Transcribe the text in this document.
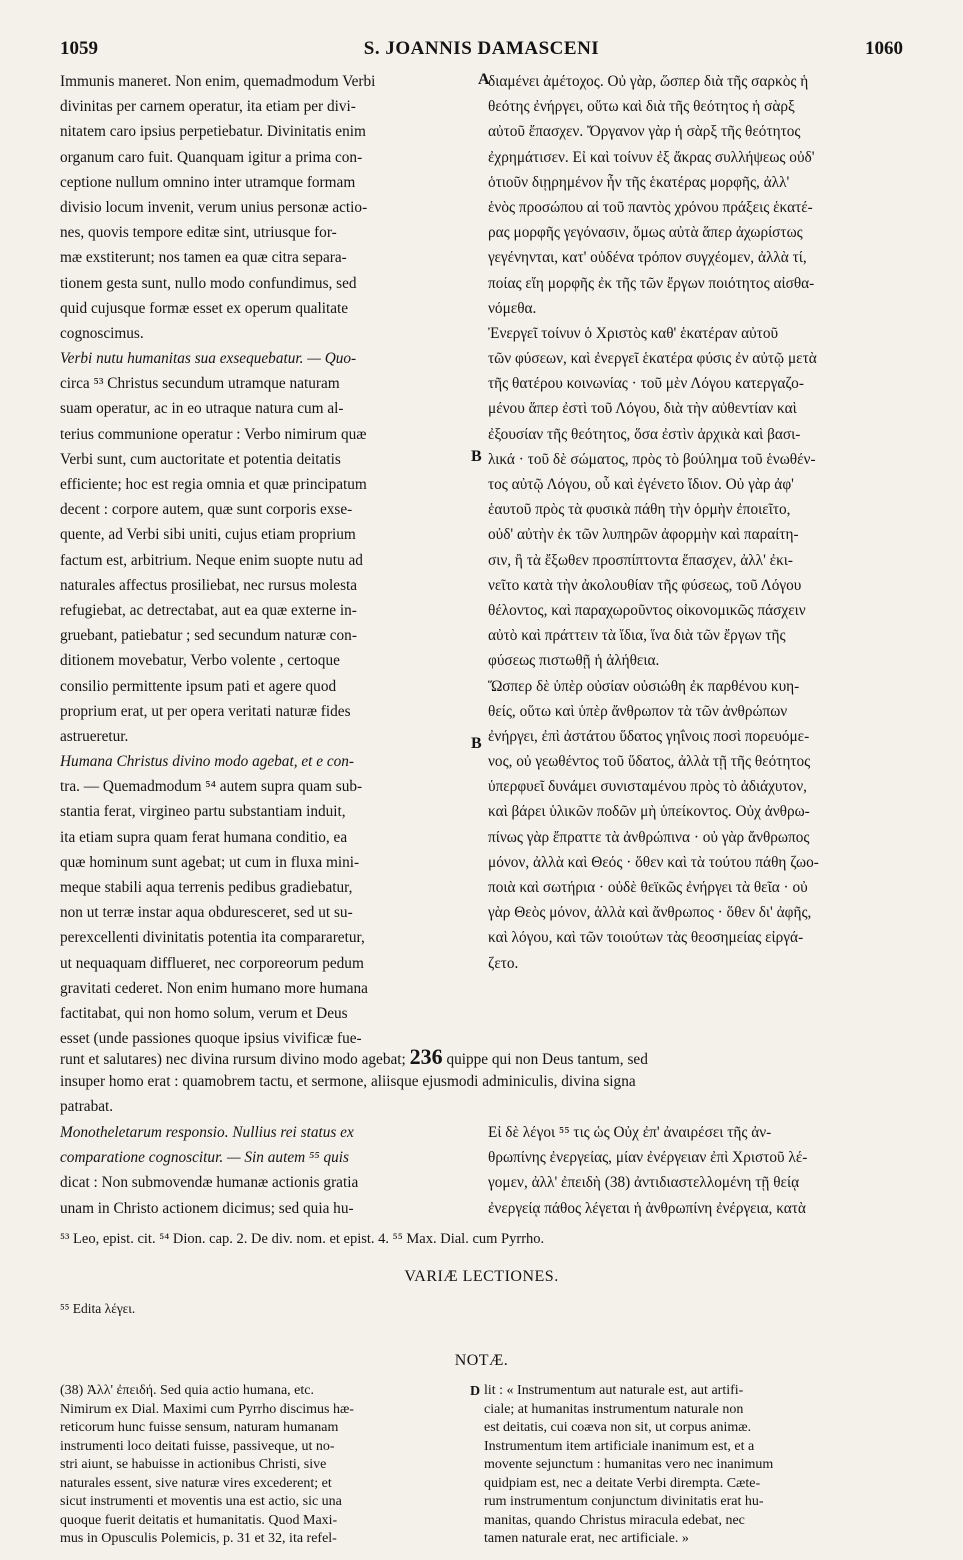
1059	S. JOANNIS DAMASCENI	1060
Immunis maneret. Non enim, quemadmodum Verbi
divinitas per carnem operatur, ita etiam per divi-
nitatem caro ipsius perpetiebatur. Divinitatis enim
organum caro fuit. Quanquam igitur a prima con-
ceptione nullum omnino inter utramque formam
divisio locum invenit, verum unius personæ actio-
nes, quovis tempore editæ sint, utriusque for-
mæ exstiterunt; nos tamen ea quæ citra separa-
tionem gesta sunt, nullo modo confundimus, sed
quid cujusque formæ esset ex operum qualitate
cognoscimus.
Verbi nutu humanitas sua exsequebatur. — Quo-
circa ⁵³ Christus secundum utramque naturam
suam operatur, ac in eo utraque natura cum al-
terius communione operatur : Verbo nimirum quæ
Verbi sunt, cum auctoritate et potentia deitatis
efficiente; hoc est regia omnia et quæ principatum
decent : corpore autem, quæ sunt corporis exse-
quente, ad Verbi sibi uniti, cujus etiam proprium
factum est, arbitrium. Neque enim suopte nutu ad
naturales affectus prosiliebat, nec rursus molesta
refugiebat, ac detrectabat, aut ea quæ externe in-
gruebant, patiebatur ; sed secundum naturæ con-
ditionem movebatur, Verbo volente , certoque
consilio permittente ipsum pati et agere quod
proprium erat, ut per opera veritati naturæ fides
astrueretur.
Humana Christus divino modo agebat, et e con-
tra. — Quemadmodum ⁵⁴ autem supra quam sub-
stantia ferat, virgineo partu substantiam induit,
ita etiam supra quam ferat humana conditio, ea
quæ hominum sunt agebat; ut cum in fluxa mini-
meque stabili aqua terrenis pedibus gradiebatur,
non ut terræ instar aqua obduresceret, sed ut su-
perexcellenti divinitatis potentia ita compararetur,
ut nequaquam difflueret, nec corporeorum pedum
gravitati cederet. Non enim humano more humana
factitabat, qui non homo solum, verum et Deus
esset (unde passiones quoque ipsius vivificæ fue-
διαμένει ἀμέτοχος. Οὐ γὰρ, ὥσπερ διὰ τῆς σαρκὸς ἡ
θεότης ἐνήργει, οὕτω καὶ διὰ τῆς θεότητος ἡ σὰρξ
αὐτοῦ ἔπασχεν. Ὄργανον γὰρ ἡ σὰρξ τῆς θεότητος
ἐχρημάτισεν. Εἰ καὶ τοίνυν ἐξ ἄκρας συλλήψεως οὐδ'
ὁτιοῦν διῃρημένον ἦν τῆς ἑκατέρας μορφῆς, ἀλλ'
ἑνὸς προσώπου αἱ τοῦ παντὸς χρόνου πράξεις ἑκατέ-
ρας μορφῆς γεγόνασιν, ὅμως αὐτὰ ἅπερ ἀχωρίστως
γεγένηνται, κατ' οὐδένα τρόπον συγχέομεν, ἀλλὰ τί,
ποίας εἴη μορφῆς ἐκ τῆς τῶν ἔργων ποιότητος αἰσθα-
νόμεθα.
Ἐνεργεῖ τοίνυν ὁ Χριστὸς καθ' ἑκατέραν αὐτοῦ
τῶν φύσεων, καὶ ἐνεργεῖ ἑκατέρα φύσις ἐν αὐτῷ μετὰ
τῆς θατέρου κοινωνίας · τοῦ μὲν Λόγου κατεργαζο-
μένου ἅπερ ἐστὶ τοῦ Λόγου, διὰ τὴν αὐθεντίαν καὶ
ἐξουσίαν τῆς θεότητος, ὅσα ἐστὶν ἀρχικὰ καὶ βασι-
λικά · τοῦ δὲ σώματος, πρὸς τὸ βούλημα τοῦ ἑνωθέν-
τος αὐτῷ Λόγου, οὗ καὶ ἐγένετο ἴδιον. Οὐ γὰρ ἀφ'
ἑαυτοῦ πρὸς τὰ φυσικὰ πάθη τὴν ὁρμὴν ἐποιεῖτο,
οὐδ' αὐτὴν ἐκ τῶν λυπηρῶν ἀφορμὴν καὶ παραίτη-
σιν, ἢ τὰ ἔξωθεν προσπίπτοντα ἔπασχεν, ἀλλ' ἐκι-
νεῖτο κατὰ τὴν ἀκολουθίαν τῆς φύσεως, τοῦ Λόγου
θέλοντος, καὶ παραχωροῦντος οἰκονομικῶς πάσχειν
αὐτὸ καὶ πράττειν τὰ ἴδια, ἵνα διὰ τῶν ἔργων τῆς
φύσεως πιστωθῇ ἡ ἀλήθεια.
Ὥσπερ δὲ ὑπὲρ οὐσίαν οὐσιώθη ἐκ παρθένου κυη-
θείς, οὕτω καὶ ὑπὲρ ἄνθρωπον τὰ τῶν ἀνθρώπων
ἐνήργει, ἐπὶ ἀστάτου ὕδατος γηΐνοις ποσὶ πορευόμε-
νος, οὐ γεωθέντος τοῦ ὕδατος, ἀλλὰ τῇ τῆς θεότητος
ὑπερφυεῖ δυνάμει συνισταμένου πρὸς τὸ ἀδιάχυτον,
καὶ βάρει ὑλικῶν ποδῶν μὴ ὑπείκοντος. Οὐχ ἀνθρω-
πίνως γὰρ ἔπραττε τὰ ἀνθρώπινα · οὐ γὰρ ἄνθρωπος
μόνον, ἀλλὰ καὶ Θεός · ὅθεν καὶ τὰ τούτου πάθη ζωο-
ποιὰ καὶ σωτήρια · οὐδὲ θεϊκῶς ἐνήργει τὰ θεῖα · οὐ
γὰρ Θεὸς μόνον, ἀλλὰ καὶ ἄνθρωπος · ὅθεν δι' ἀφῆς,
καὶ λόγου, καὶ τῶν τοιούτων τὰς θεοσημείας εἰργά-
ζετο.
A
B
B
runt et salutares) nec divina rursum divino modo agebat; 236 quippe qui non Deus tantum, sed
insuper homo erat : quamobrem tactu, et sermone, aliisque ejusmodi adminiculis, divina signa
patrabat.
Monotheletarum responsio. Nullius rei status ex
comparatione cognoscitur. — Sin autem ⁵⁵ quis
dicat : Non submovendæ humanæ actionis gratia
unam in Christo actionem dicimus; sed quia hu-
Εἰ δὲ λέγοι ⁵⁵ τις ὡς Οὐχ ἐπ' ἀναιρέσει τῆς ἀν-
θρωπίνης ἐνεργείας, μίαν ἐνέργειαν ἐπὶ Χριστοῦ λέ-
γομεν, ἀλλ' ἐπειδὴ (38) ἀντιδιαστελλομένη τῇ θείᾳ
ἐνεργείᾳ πάθος λέγεται ἡ ἀνθρωπίνη ἐνέργεια, κατὰ
⁵³ Leo, epist. cit. ⁵⁴ Dion. cap. 2. De div. nom. et epist. 4. ⁵⁵ Max. Dial. cum Pyrrho.
VARIÆ LECTIONES.
⁵⁵ Edita λέγει.
NOTÆ.
D
(38) Ἀλλ' ἐπειδή. Sed quia actio humana, etc.
Nimirum ex Dial. Maximi cum Pyrrho discimus hæ-
reticorum hunc fuisse sensum, naturam humanam
instrumenti loco deitati fuisse, passiveque, ut no-
stri aiunt, se habuisse in actionibus Christi, sive
naturales essent, sive naturæ vires excederent; et
sicut instrumenti et moventis una est actio, sic una
quoque fuerit deitatis et humanitatis. Quod Maxi-
mus in Opusculis Polemicis, p. 31 et 32, ita refel-
lit : « Instrumentum aut naturale est, aut artifi-
ciale; at humanitas instrumentum naturale non
est deitatis, cui coæva non sit, ut corpus animæ.
Instrumentum item artificiale inanimum est, et a
movente sejunctum : humanitas vero nec inanimum
quidpiam est, nec a deitate Verbi dirempta. Cæte-
rum instrumentum conjunctum divinitatis erat hu-
manitas, quando Christus miracula edebat, nec
tamen naturale erat, nec artificiale. »
